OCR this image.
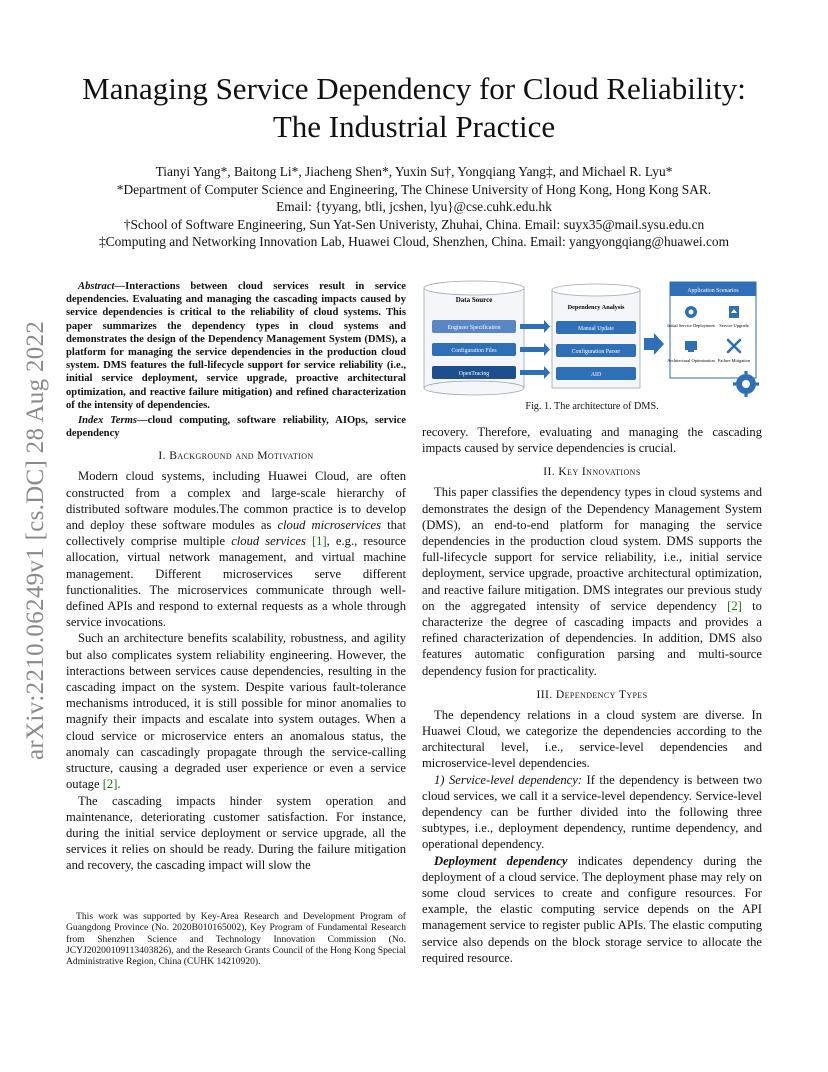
Managing Service Dependency for Cloud Reliability: The Industrial Practice
Tianyi Yang*, Baitong Li*, Jiacheng Shen*, Yuxin Su†, Yongqiang Yang‡, and Michael R. Lyu*
*Department of Computer Science and Engineering, The Chinese University of Hong Kong, Hong Kong SAR.
Email: {tyyang, btli, jcshen, lyu}@cse.cuhk.edu.hk
†School of Software Engineering, Sun Yat-Sen Univeristy, Zhuhai, China. Email: suyx35@mail.sysu.edu.cn
‡Computing and Networking Innovation Lab, Huawei Cloud, Shenzhen, China. Email: yangyongqiang@huawei.com
arXiv:2210.06249v1 [cs.DC] 28 Aug 2022

Abstract—Interactions between cloud services result in service dependencies. Evaluating and managing the cascading impacts caused by service dependencies is critical to the reliability of cloud systems. This paper summarizes the dependency types in cloud systems and demonstrates the design of the Dependency Management System (DMS), a platform for managing the service dependencies in the production cloud system. DMS features the full-lifecycle support for service reliability (i.e., initial service deployment, service upgrade, proactive architectural optimization, and reactive failure mitigation) and refined characterization of the intensity of dependencies.

Index Terms—cloud computing, software reliability, AIOps, service dependency

I. Background and Motivation

Modern cloud systems, including Huawei Cloud, are often constructed from a complex and large-scale hierarchy of distributed software modules.The common practice is to develop and deploy these software modules as cloud microservices that collectively comprise multiple cloud services [1], e.g., resource allocation, virtual network management, and virtual machine management. Different microservices serve different functionalities. The microservices communicate through well-defined APIs and respond to external requests as a whole through service invocations.

Such an architecture benefits scalability, robustness, and agility but also complicates system reliability engineering. However, the interactions between services cause dependencies, resulting in the cascading impact on the system. Despite various fault-tolerance mechanisms introduced, it is still possible for minor anomalies to magnify their impacts and escalate into system outages. When a cloud service or microservice enters an anomalous status, the anomaly can cascadingly propagate through the service-calling structure, causing a degraded user experience or even a service outage [2].

The cascading impacts hinder system operation and maintenance, deteriorating customer satisfaction. For instance, during the initial service deployment or service upgrade, all the services it relies on should be ready. During the failure mitigation and recovery, the cascading impact will slow the

This work was supported by Key-Area Research and Development Program of Guangdong Province (No. 2020B010165002), Key Program of Fundamental Research from Shenzhen Science and Technology Innovation Commission (No. JCYJ20200109113403826), and the Research Grants Council of the Hong Kong Special Administrative Region, China (CUHK 14210920).

Data Source
Engineer Specification
Configuration Files
OpenTracing
Dependency Analysis
Manual Update
Configuration Parser
AID
Application Scenarios
Initial Service Deployment Service Upgrade
Architectural Optimization Failure Mitigation
Fig. 1. The architecture of DMS.

recovery. Therefore, evaluating and managing the cascading impacts caused by service dependencies is crucial.

II. Key Innovations

This paper classifies the dependency types in cloud systems and demonstrates the design of the Dependency Management System (DMS), an end-to-end platform for managing the service dependencies in the production cloud system. DMS supports the full-lifecycle support for service reliability, i.e., initial service deployment, service upgrade, proactive architectural optimization, and reactive failure mitigation. DMS integrates our previous study on the aggregated intensity of service dependency [2] to characterize the degree of cascading impacts and provides a refined characterization of dependencies. In addition, DMS also features automatic configuration parsing and multi-source dependency fusion for practicality.

III. Dependency Types

The dependency relations in a cloud system are diverse. In Huawei Cloud, we categorize the dependencies according to the architectural level, i.e., service-level dependencies and microservice-level dependencies.

1) Service-level dependency: If the dependency is between two cloud services, we call it a service-level dependency. Service-level dependency can be further divided into the following three subtypes, i.e., deployment dependency, runtime dependency, and operational dependency.

Deployment dependency indicates dependency during the deployment of a cloud service. The deployment phase may rely on some cloud services to create and configure resources. For example, the elastic computing service depends on the API management service to register public APIs. The elastic computing service also depends on the block storage service to allocate the required resource.
